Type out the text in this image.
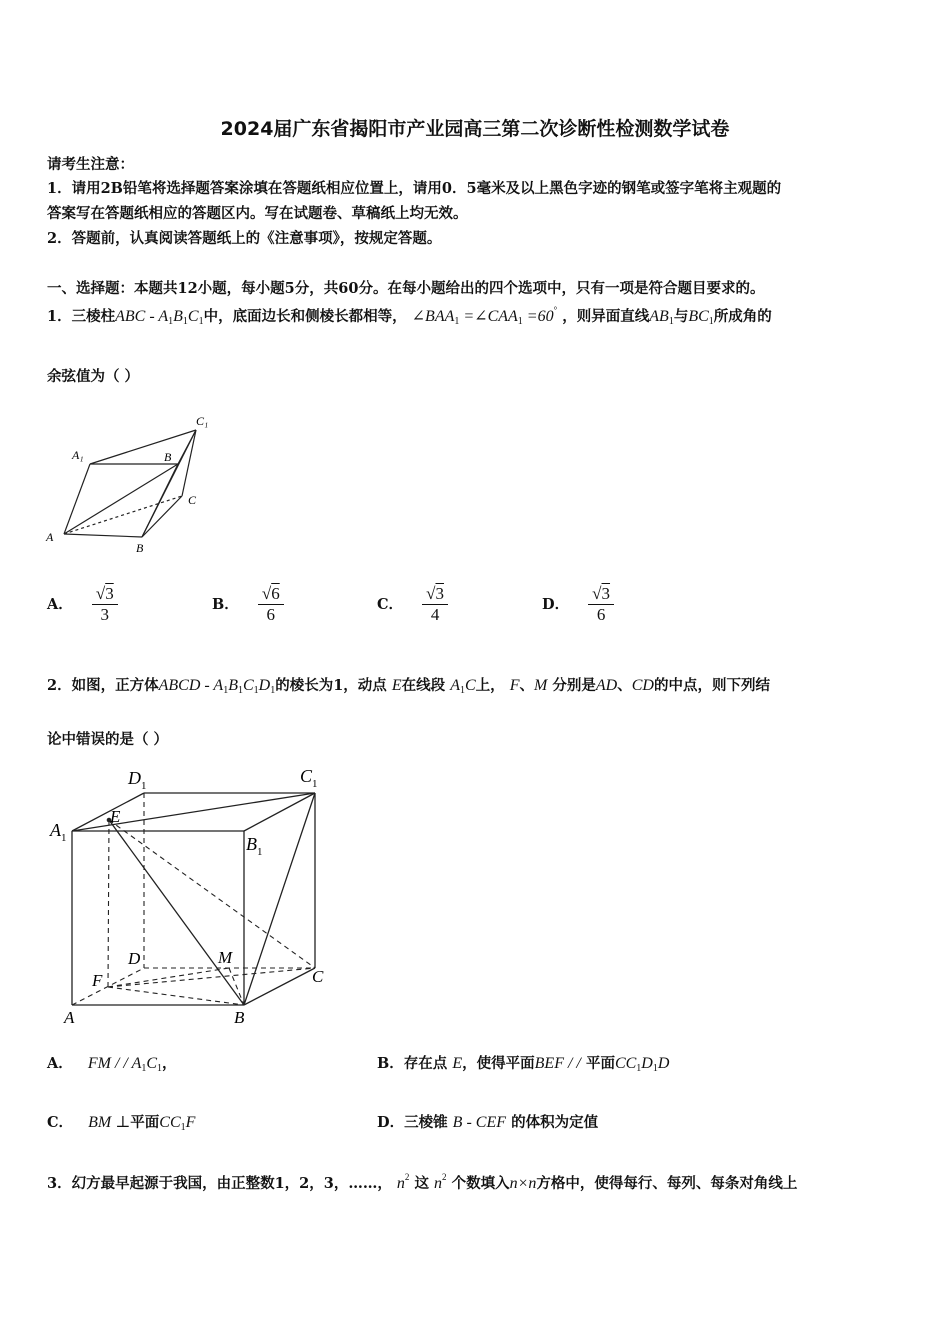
2024届广东省揭阳市产业园高三第二次诊断性检测数学试卷
请考生注意：
1．请用2B铅笔将选择题答案涂填在答题纸相应位置上，请用0．5毫米及以上黑色字迹的钢笔或签字笔将主观题的
答案写在答题纸相应的答题区内。写在试题卷、草稿纸上均无效。
2．答题前，认真阅读答题纸上的《注意事项》，按规定答题。
一、选择题：本题共12小题，每小题5分，共60分。在每小题给出的四个选项中，只有一项是符合题目要求的。
1．三棱柱ABC - $A_1B_1C_1$中，底面边长和侧棱长都相等， $\angle BAA_1$ $=\angle CAA_1 =60^\circ$ ，则异面直线$AB_1$与$BC_1$所成角的
余弦值为（ ）
A₁	B
C₁
C
A
B
A． $\frac{√3}{3}$	B． $\frac{√6}{6}$	C． $\frac{√3}{4}$	D． $\frac{√3}{6}$
2．如图，正方体ABCD - $A_1B_1C_1D_1$的棱长为1，动点 E在线段 $A_1C$上， F、M 分别是AD、CD的中点，则下列结
论中错误的是（ ）
$D_1$	$C_1$
$A_1$
E
$B_1$
D	M
C
F
A	B
A． FM / / $A_1C_1$，	B．存在点 E，使得平面BEF / / 平面$CC_1D_1D$
C． BM ⊥平面$CC_1F$	D．三棱锥 B - CEF 的体积为定值
3．幻方最早起源于我国，由正整数1，2，3，……， $n^2$ 这 $n^2$ 个数填入n×n方格中，使得每行、每列、每条对角线上
